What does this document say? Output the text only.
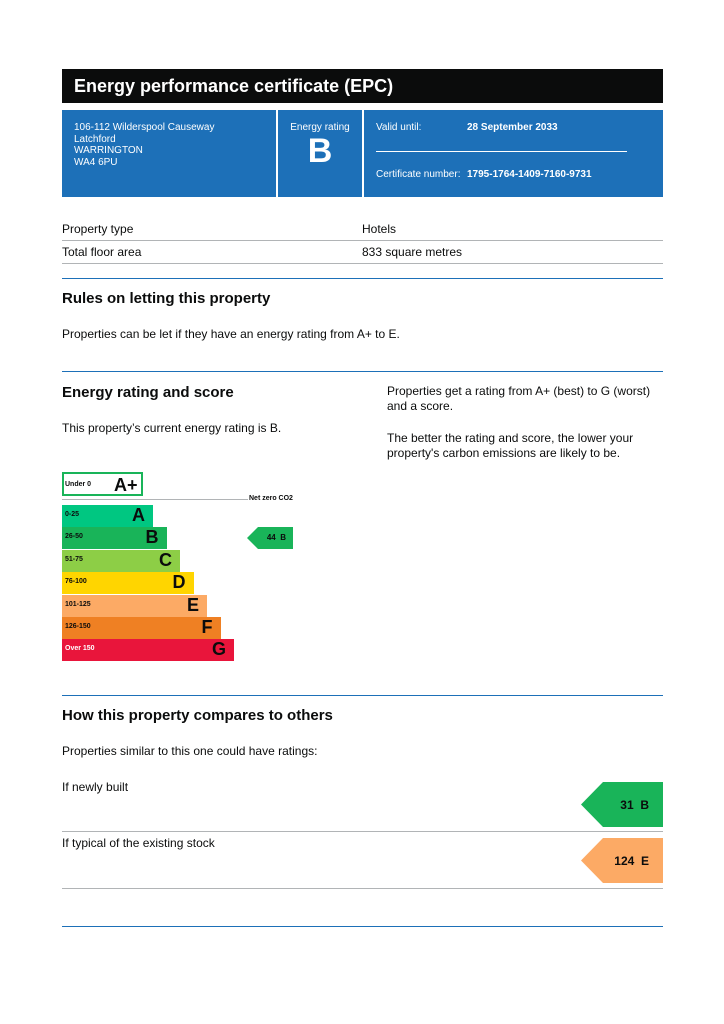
Energy performance certificate (EPC)
106-112 Wilderspool Causeway
Latchford
WARRINGTON
WA4 6PU
Energy rating
B
Valid until:	28 September 2033
Certificate number: 1795-1764-1409-7160-9731
Property type	Hotels
Total floor area	833 square metres
Rules on letting this property
Properties can be let if they have an energy rating from A+ to E.
Energy rating and score
This property’s current energy rating is B.
Properties get a rating from A+ (best) to G (worst) and a score.
The better the rating and score, the lower your property's carbon emissions are likely to be.
Under 0 A+
Net zero CO2
0-25	A
26-50	B
51-75	C
76-100	D
101-125	E
126-150	F
Over 150	G
44 B
How this property compares to others
Properties similar to this one could have ratings:
If newly built
31 B
If typical of the existing stock
124 E
